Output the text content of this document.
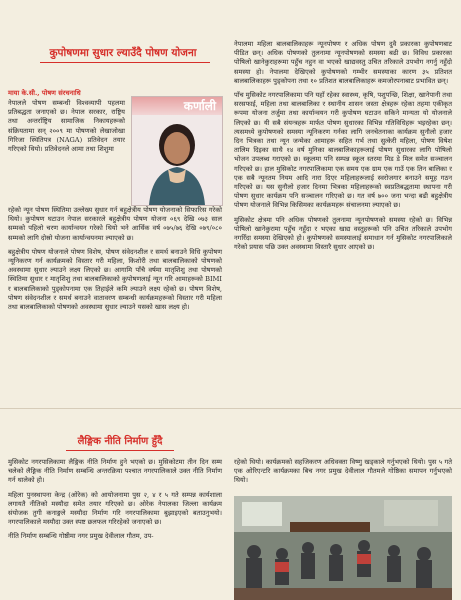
कुपोषणमा सुधार ल्याउँदै पोषण योजना
माया के.सी., पोषण संरचनाधि
नेपालले पोषण सम्बन्धी विश्वव्यापी पहलमा प्रतिबद्धता जनाएको छ। नेपाल सरकार, राष्ट्रिय तथा अन्तर्राष्ट्रिय सामाजिक निकायहरूको संक्रियतामा सन् २००९ मा पोषणको लेखाजोखा गिरिजा स्थितिपत्र (NAGA) प्रतिवेदन तयार गरिएको थियो। प्रतिवेदनले आमा तथा शिशुमा
कर्णाली

रहेको न्यून पोषण स्थितिमा उल्लेख्य सुधार गर्न बहुक्षेत्रीय पोषण योजनाको सिफारिस गरेको थियो। कुपोषण घटाउन नेपाल सरकारले बहुक्षेत्रीय पोषण योजना ०६९ देखि ०७३ साल सम्मको पहिलो चरण कार्यान्वयन गरेको थियो भने आर्थिक वर्ष ०७५/७६ देखि ०७९/०८० सम्मको लागि दोस्रो योजना कार्यान्वयनमा ल्याएको छ।

बहुक्षेत्रीय पोषण योजनाले पोषण विशेष, पोषण संवेदनशील र समर्थ बनाउने विधि कुपोषण न्यूनिकरण गर्न कार्यक्रमको विस्तार गरी महिला, किशोरी तथा बालबालिकाको पोषणको अवस्थामा सुधार ल्याउने लक्ष्य लिएको छ। आगामि पाँचै वर्षमा मातृशिशु तथा पोषणको स्थितिमा सुधार र मातृशिशु तथा बालबालिकाको कुपोषणलाई न्यून गरि आमाहरूको BIMI र बालबालिकाको पुड्कोपनामा एक तिहाईले कमि ल्याउने लक्ष्य रहेको छ। पोषण विशेष, पोषण संवेदनशील र समर्थ बनाउने वातावरण सम्बन्धी कार्यक्रमहरूको विस्तार गरी महिला तथा बालबालिकाको पोषणको अवस्थामा सुधार ल्याउने यसको खास लक्ष्य हो।

नेपालमा महिला बालबालिकाहरू न्यूनपोषण र अधिक पोषण दुवै प्रकारका कुपोषणबाट पीडित छन्। अधिक पोषणको तुलनामा न्यूनपोषणको समस्या बढी छ। विविध प्रकारका पोषिलो खानेकुराहरूमा पहुँच नहुन वा भएको खाद्यवस्तु उचित तरिकाले उपभोग नगर्नु नहुँदो समस्या हो। नेपालमा देखिएको कुपोषणको गम्भीर समस्याका कारण ३५ प्रतिशत बालबालिकाहरू पुड्कोपना तथा १० प्रतिशत बालबालिकाहरू कमजोरपनाबाट प्रभावित छन्।

पाँच मुसिकोट नगरपालिकामा पनि यहाँ रहेका स्वास्थ्य, कृषि, पशुपन्छि, शिक्षा, खानेपानी तथा सरसफाई, महिला तथा बालबालिका र स्थानीय शासन जस्ता क्षेत्रहरू रहेका तहमा एकीकृत रूपमा योजना तर्जुमा तथा कार्यान्वयन गरी कुपोषण घटाउन सकिने मान्यता यो योजनाले लिएको छ। यी सबै संयन्त्रहरू मार्फत पोषण सुधारका विभिन्न गतिविधिहरू भइरहेका छन्। त्यसमध्ये कुपोषणको समस्या न्यूनिकरण गर्नका लागि जनचेतनाका कार्यक्रम सुनौलो हजार दिन भित्रका तथा न्यून जन्मेका आमाहरू सहित गर्भ तथा सुत्केरी महिला, पोषण विषेश तालिम दिइका साथै १४ वर्ष मुनिका बालबालिकाहरूलाई पोषण सुधारका लागि पोषिलो भोजन उपलब्ध गराएको छ। स्कूलमा पनि सम्पन्न स्कूल स्तरमा मिड डे मिल समेत सञ्चालन गरिएको छ। हाल मुसिकोट नगरपालिकामा एक समय एक ग्राम एक गाउँ एक तिन बालिका र एक सबै न्यूनतम नियम आदि नारा दिएर महिलाहरूलाई स्वरोजगार बनाउने समूह गठन गरिएको छ। यस सुनौलो हजार दिनमा भित्रका महिलाहरूको स्वप्रतिबद्धतामा स्थापना गरी पोषण सुधार कार्यक्रम पनि सञ्चालन गरिएको छ। गत वर्ष ७०० जना भन्दा बढी बहुक्षेत्रीय पोषण योजनाले विभिन्न किसिमका कार्यक्रमहरू संचालनमा ल्याएको छ।

मुसिकोट क्षेत्रमा पनि अधिक पोषणको तुलनामा न्यूनपोषणको समस्या रहेको छ। विभिन्न पोषिलो खानेकुरामा पहुँच नहुँदा र भएका खाद्य वस्तुहरूको पनि उचित तरिकाले उपभोग नगरिँदा समस्या देखिएको हो। कुपोषणको समस्यालाई समाधान गर्न मुसिकोट नगरपालिकाले गरेको प्रयास पछि उक्त अवस्थामा विस्तारै सुधार आएको छ।

लैङ्गिक नीति निर्माण हुँदै

मुसिकोट नगरपालिकामा लैङ्गिक नीति निर्माण हुने भएको छ। मुसिकोटमा तीन दिन सम्म चलेको लैङ्गिक नीति निर्माण सम्बन्धि अन्तरक्रिया पश्चात नगरपालिकाले उक्त नीति निर्माण गर्न थालेको हो।

महिला पुनस्थापना केन्द्र (ओरेक) को आयोजनामा पुस २, ४ र ५ गते सम्पन्न कार्यशाला लगायतै नीतिको मस्यौदा समेत तयार गरिएको छ। ओरेक नेपालका जिल्ला कार्यक्रम संयोजक तुगी कनाङ्गले मस्यौदा निर्माण गरि नगरपालिकामा बुझाइएको बताउनुभयो। नगरपालिकाले मस्यौदा उक्त स्पष्ट छलफल गरिरहेको जनाएको छ।

नीति निर्माण सम्बन्धि गोष्ठीमा नगर प्रमुख देवीलाल गौतम, उप-

रहेको थियो। कार्यक्रमको सहजिकरण अधिवक्ता विष्णु खड्काले गर्नुभएको थियो। पुस ५ गते एक ओरिएन्टरि कार्यक्रमका बिच नगर प्रमुख देवीलाल गौतमले गोष्ठिका समापन गर्नुभएको थियो।
